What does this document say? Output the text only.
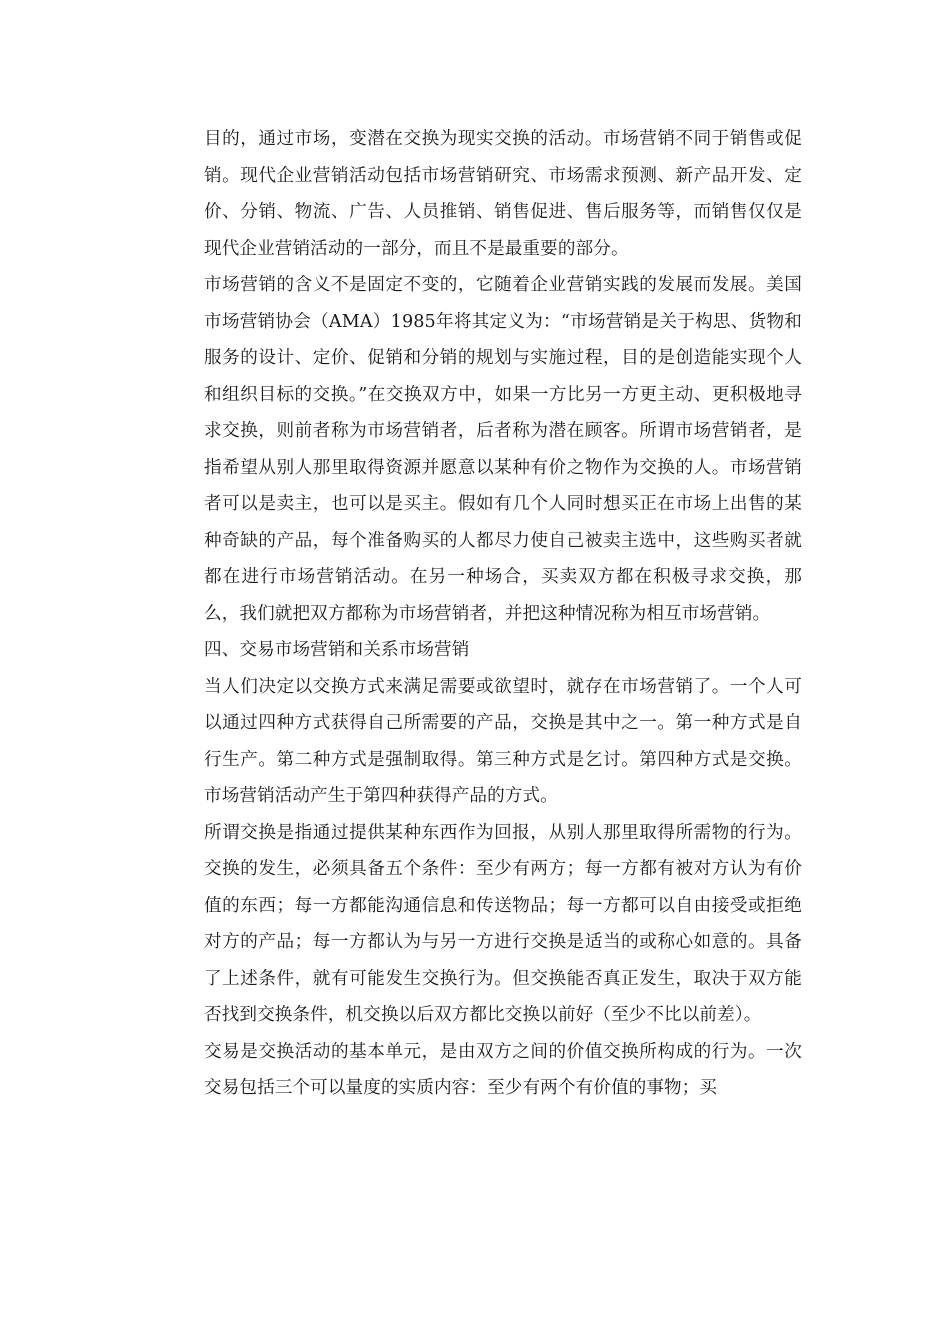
目的，通过市场，变潜在交换为现实交换的活动。市场营销不同于销售或促销。现代企业营销活动包括市场营销研究、市场需求预测、新产品开发、定价、分销、物流、广告、人员推销、销售促进、售后服务等，而销售仅仅是现代企业营销活动的一部分，而且不是最重要的部分。

市场营销的含义不是固定不变的，它随着企业营销实践的发展而发展。美国市场营销协会（AMA）1985年将其定义为：“市场营销是关于构思、货物和服务的设计、定价、促销和分销的规划与实施过程，目的是创造能实现个人和组织目标的交换。”在交换双方中，如果一方比另一方更主动、更积极地寻求交换，则前者称为市场营销者，后者称为潜在顾客。所谓市场营销者，是指希望从别人那里取得资源并愿意以某种有价之物作为交换的人。市场营销者可以是卖主，也可以是买主。假如有几个人同时想买正在市场上出售的某种奇缺的产品，每个准备购买的人都尽力使自己被卖主选中，这些购买者就都在进行市场营销活动。在另一种场合，买卖双方都在积极寻求交换，那么，我们就把双方都称为市场营销者，并把这种情况称为相互市场营销。

四、交易市场营销和关系市场营销

当人们决定以交换方式来满足需要或欲望时，就存在市场营销了。一个人可以通过四种方式获得自己所需要的产品，交换是其中之一。第一种方式是自行生产。第二种方式是强制取得。第三种方式是乞讨。第四种方式是交换。市场营销活动产生于第四种获得产品的方式。

所谓交换是指通过提供某种东西作为回报，从别人那里取得所需物的行为。交换的发生，必须具备五个条件：至少有两方；每一方都有被对方认为有价值的东西；每一方都能沟通信息和传送物品；每一方都可以自由接受或拒绝对方的产品；每一方都认为与另一方进行交换是适当的或称心如意的。具备了上述条件，就有可能发生交换行为。但交换能否真正发生，取决于双方能否找到交换条件，机交换以后双方都比交换以前好（至少不比以前差）。

交易是交换活动的基本单元，是由双方之间的价值交换所构成的行为。一次交易包括三个可以量度的实质内容：至少有两个有价值的事物；买
